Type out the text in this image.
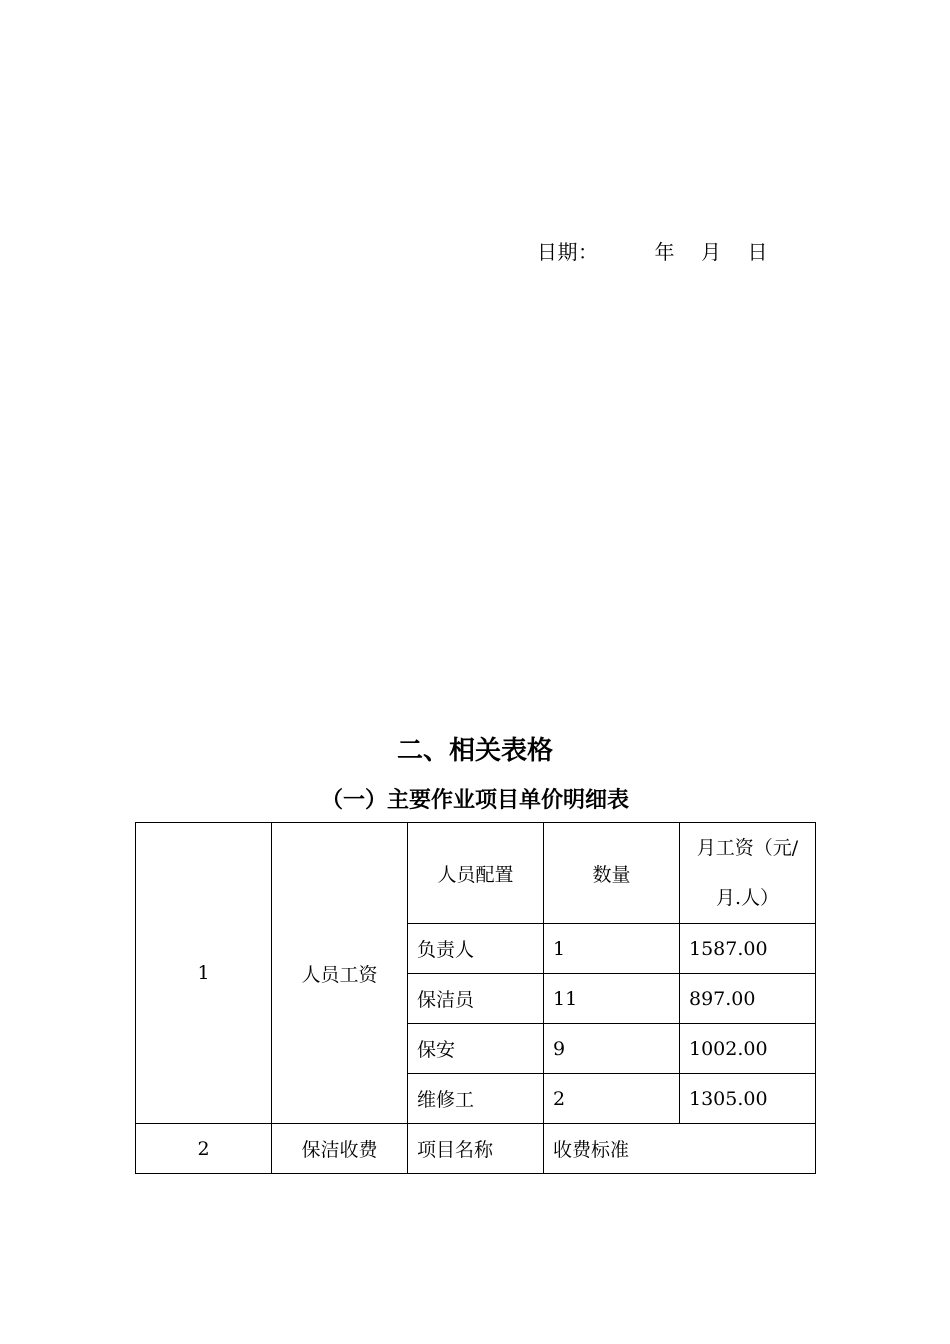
日期：	年 月 日
二、相关表格
（一）主要作业项目单价明细表
1	人员工资	人员配置	数量	月工资（元/
月.人）
		负责人	1	1587.00
		保洁员	11	897.00
		保安	9	1002.00
		维修工	2	1305.00
2	保洁收费	项目名称	收费标准	
